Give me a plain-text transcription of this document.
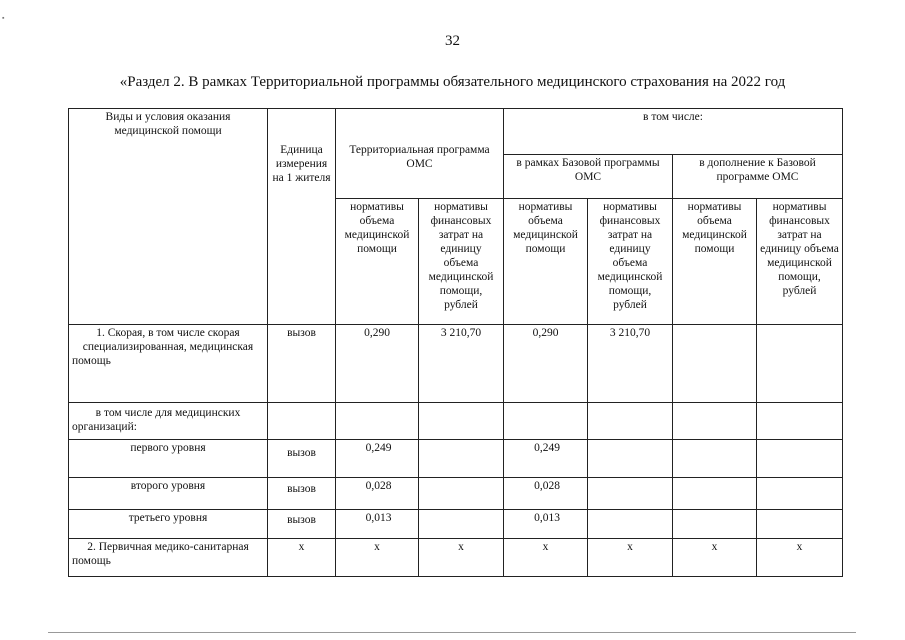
▪
32
«Раздел 2. В рамках Территориальной программы обязательного медицинского страхования на 2022 год
Виды и условия оказания медицинской помощи	Единица измерения на 1 жителя	Территориальная программа ОМС		в том числе:			
				в рамках Базовой программы ОМС		в дополнение к Базовой программе ОМС	
		нормативы объема медицинской помощи	нормативы финансовых затрат на единицу объема медицинской помощи, рублей	нормативы объема медицинской помощи	нормативы финансовых затрат на единицу объема медицинской помощи, рублей	нормативы объема медицинской помощи	нормативы финансовых затрат на единицу объема медицинской помощи, рублей
1. Скорая, в том числе скорая специализированная, медицинская помощь	вызов	0,290	3 210,70	0,290	3 210,70		
в том числе для медицинских организаций:							
первого уровня	вызов	0,249		0,249			
второго уровня	вызов	0,028		0,028			
третьего уровня	вызов	0,013		0,013			
2. Первичная медико-санитарная помощь	x	x	x	x	x	x	x
